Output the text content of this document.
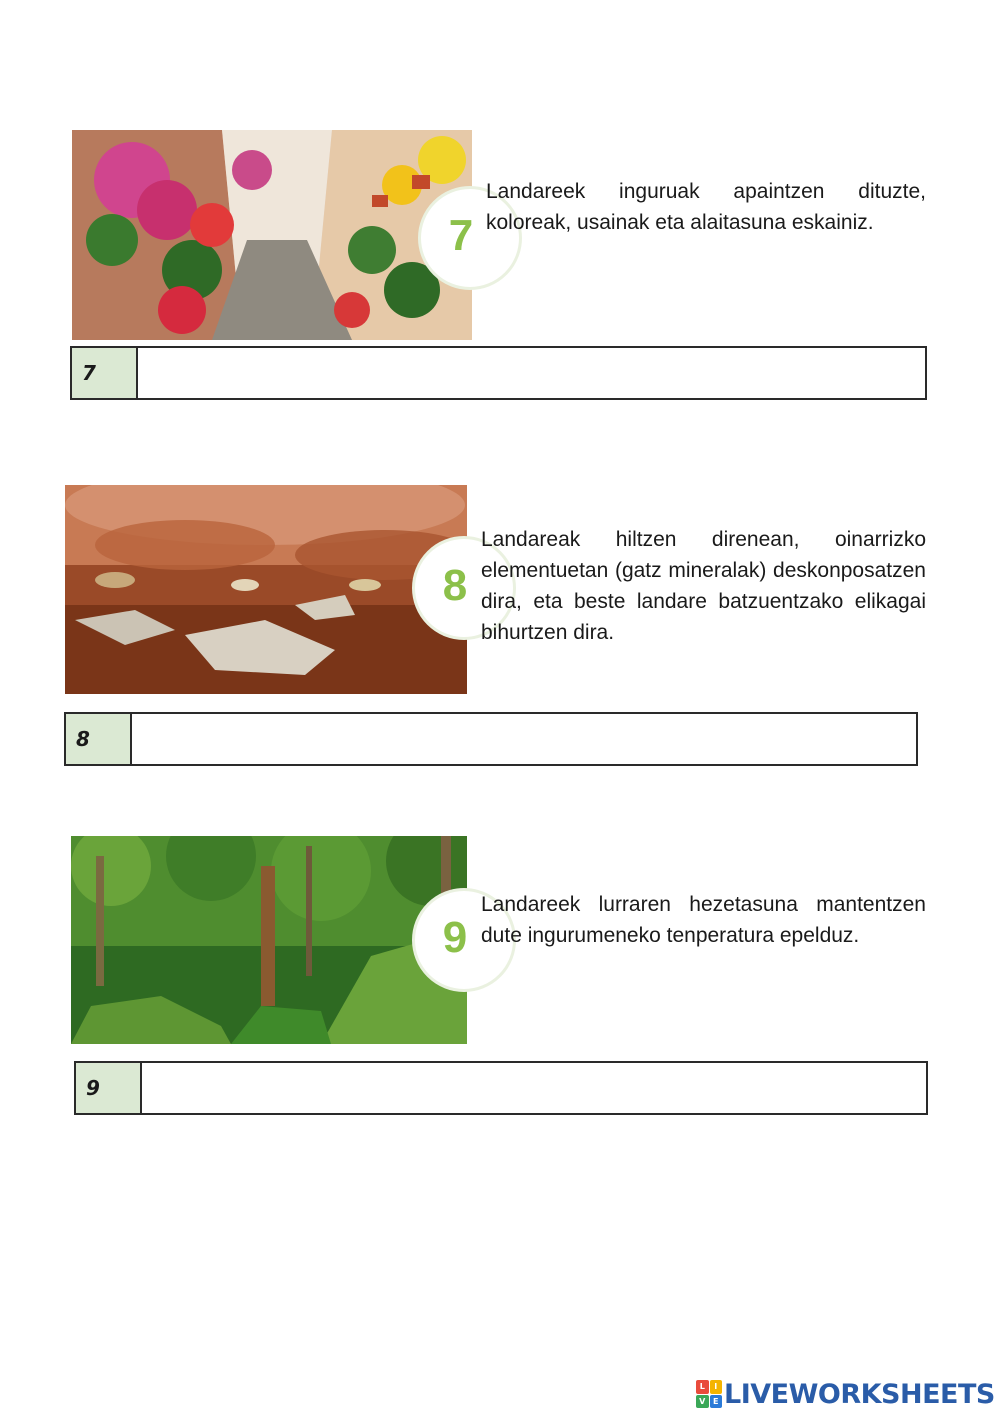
7

Landareek inguruak apaintzen dituzte, koloreak, usainak eta alaitasuna eskainiz.

7
8

Landareak hiltzen direnean, oinarrizko elementuetan (gatz mineralak) deskonposatzen dira, eta beste landare batzuentzako elikagai bihurtzen dira.

8
9

Landareek lurraren hezetasuna mantentzen dute ingurumeneko tenperatura epelduz.

9
L	I
V E LIVEWORKSHEETS
